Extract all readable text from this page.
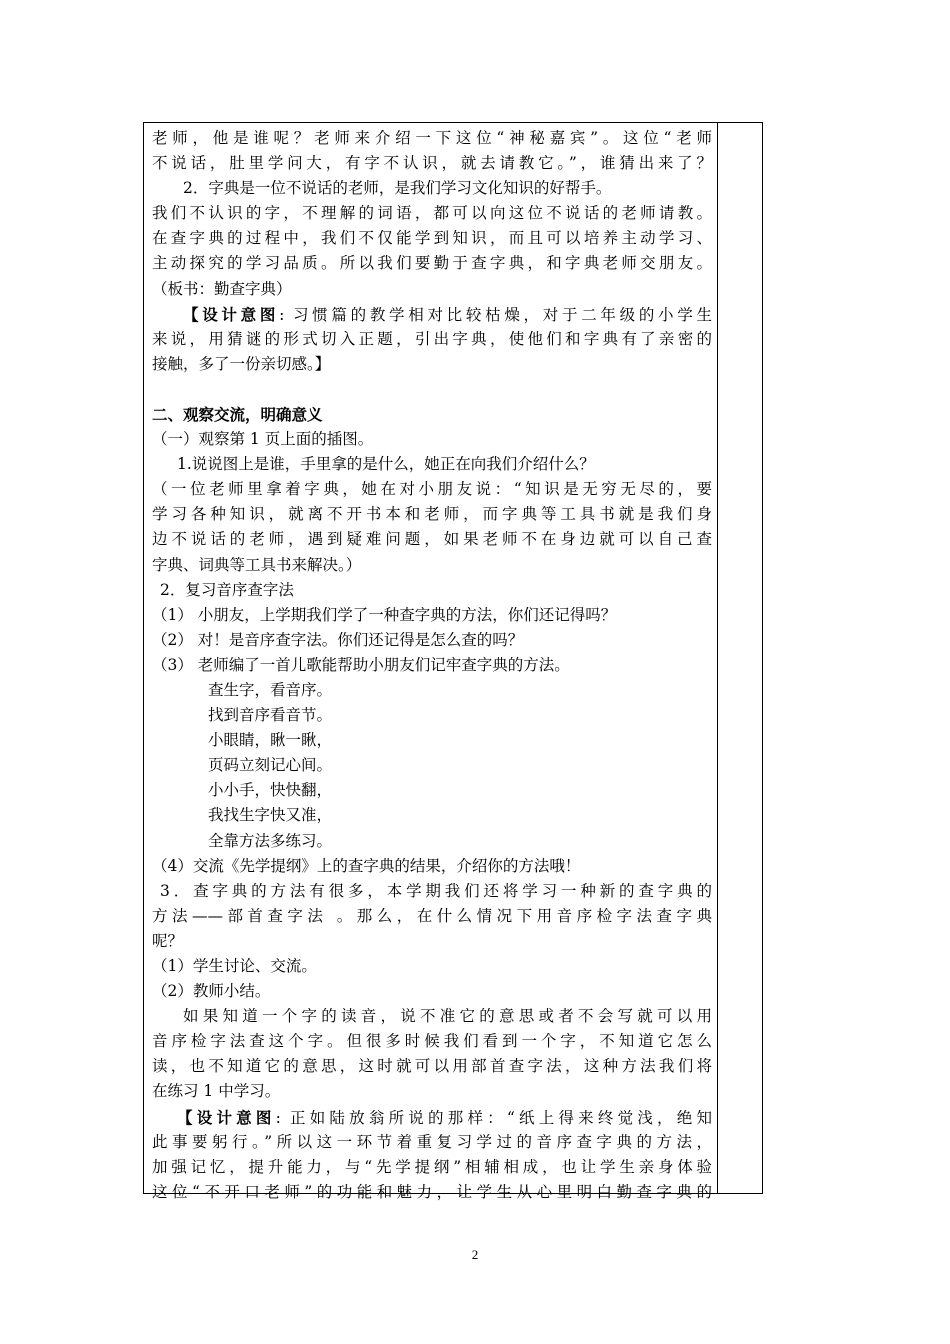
老师，他是谁呢？老师来介绍一下这位“神秘嘉宾”。这位“老师
不说话，肚里学问大，有字不认识，就去请教它。”，谁猜出来了？
2．字典是一位不说话的老师，是我们学习文化知识的好帮手。
我们不认识的字，不理解的词语，都可以向这位不说话的老师请教。
在查字典的过程中，我们不仅能学到知识，而且可以培养主动学习、
主动探究的学习品质。所以我们要勤于查字典，和字典老师交朋友。
（板书：勤查字典）
【设计意图: 习惯篇的教学相对比较枯燥，对于二年级的小学生
来说，用猜谜的形式切入正题，引出字典，使他们和字典有了亲密的
接触，多了一份亲切感。】
二、观察交流，明确意义
（一）观察第 1 页上面的插图。
1.说说图上是谁，手里拿的是什么，她正在向我们介绍什么？
（一位老师里拿着字典，她在对小朋友说：“知识是无穷无尽的，要
学习各种知识，就离不开书本和老师，而字典等工具书就是我们身
边不说话的老师，遇到疑难问题，如果老师不在身边就可以自己查
字典、词典等工具书来解决。）
2．复习音序查字法
（1） 小朋友，上学期我们学了一种查字典的方法，你们还记得吗？
（2） 对！是音序查字法。你们还记得是怎么查的吗？
（3） 老师编了一首儿歌能帮助小朋友们记牢查字典的方法。
查生字，看音序。
找到音序看音节。
小眼睛，瞅一瞅，
页码立刻记心间。
小小手，快快翻，
我找生字快又准，
全靠方法多练习。
（4）交流《先学提纲》上的查字典的结果，介绍你的方法哦！
3．查字典的方法有很多，本学期我们还将学习一种新的查字典的
方法——部首查字法 。那么，在什么情况下用音序检字法查字典
呢？
（1）学生讨论、交流。
（2）教师小结。
如果知道一个字的读音，说不准它的意思或者不会写就可以用
音序检字法查这个字。但很多时候我们看到一个字，不知道它怎么
读，也不知道它的意思，这时就可以用部首查字法，这种方法我们将
在练习 1 中学习。
【设计意图: 正如陆放翁所说的那样：“纸上得来终觉浅，绝知
此事要躬行。”所以这一环节着重复习学过的音序查字典的方法，
加强记忆，提升能力，与“先学提纲”相辅相成，也让学生亲身体验
这位“不开口老师”的功能和魅力，让学生从心里明白勤查字典的
2
